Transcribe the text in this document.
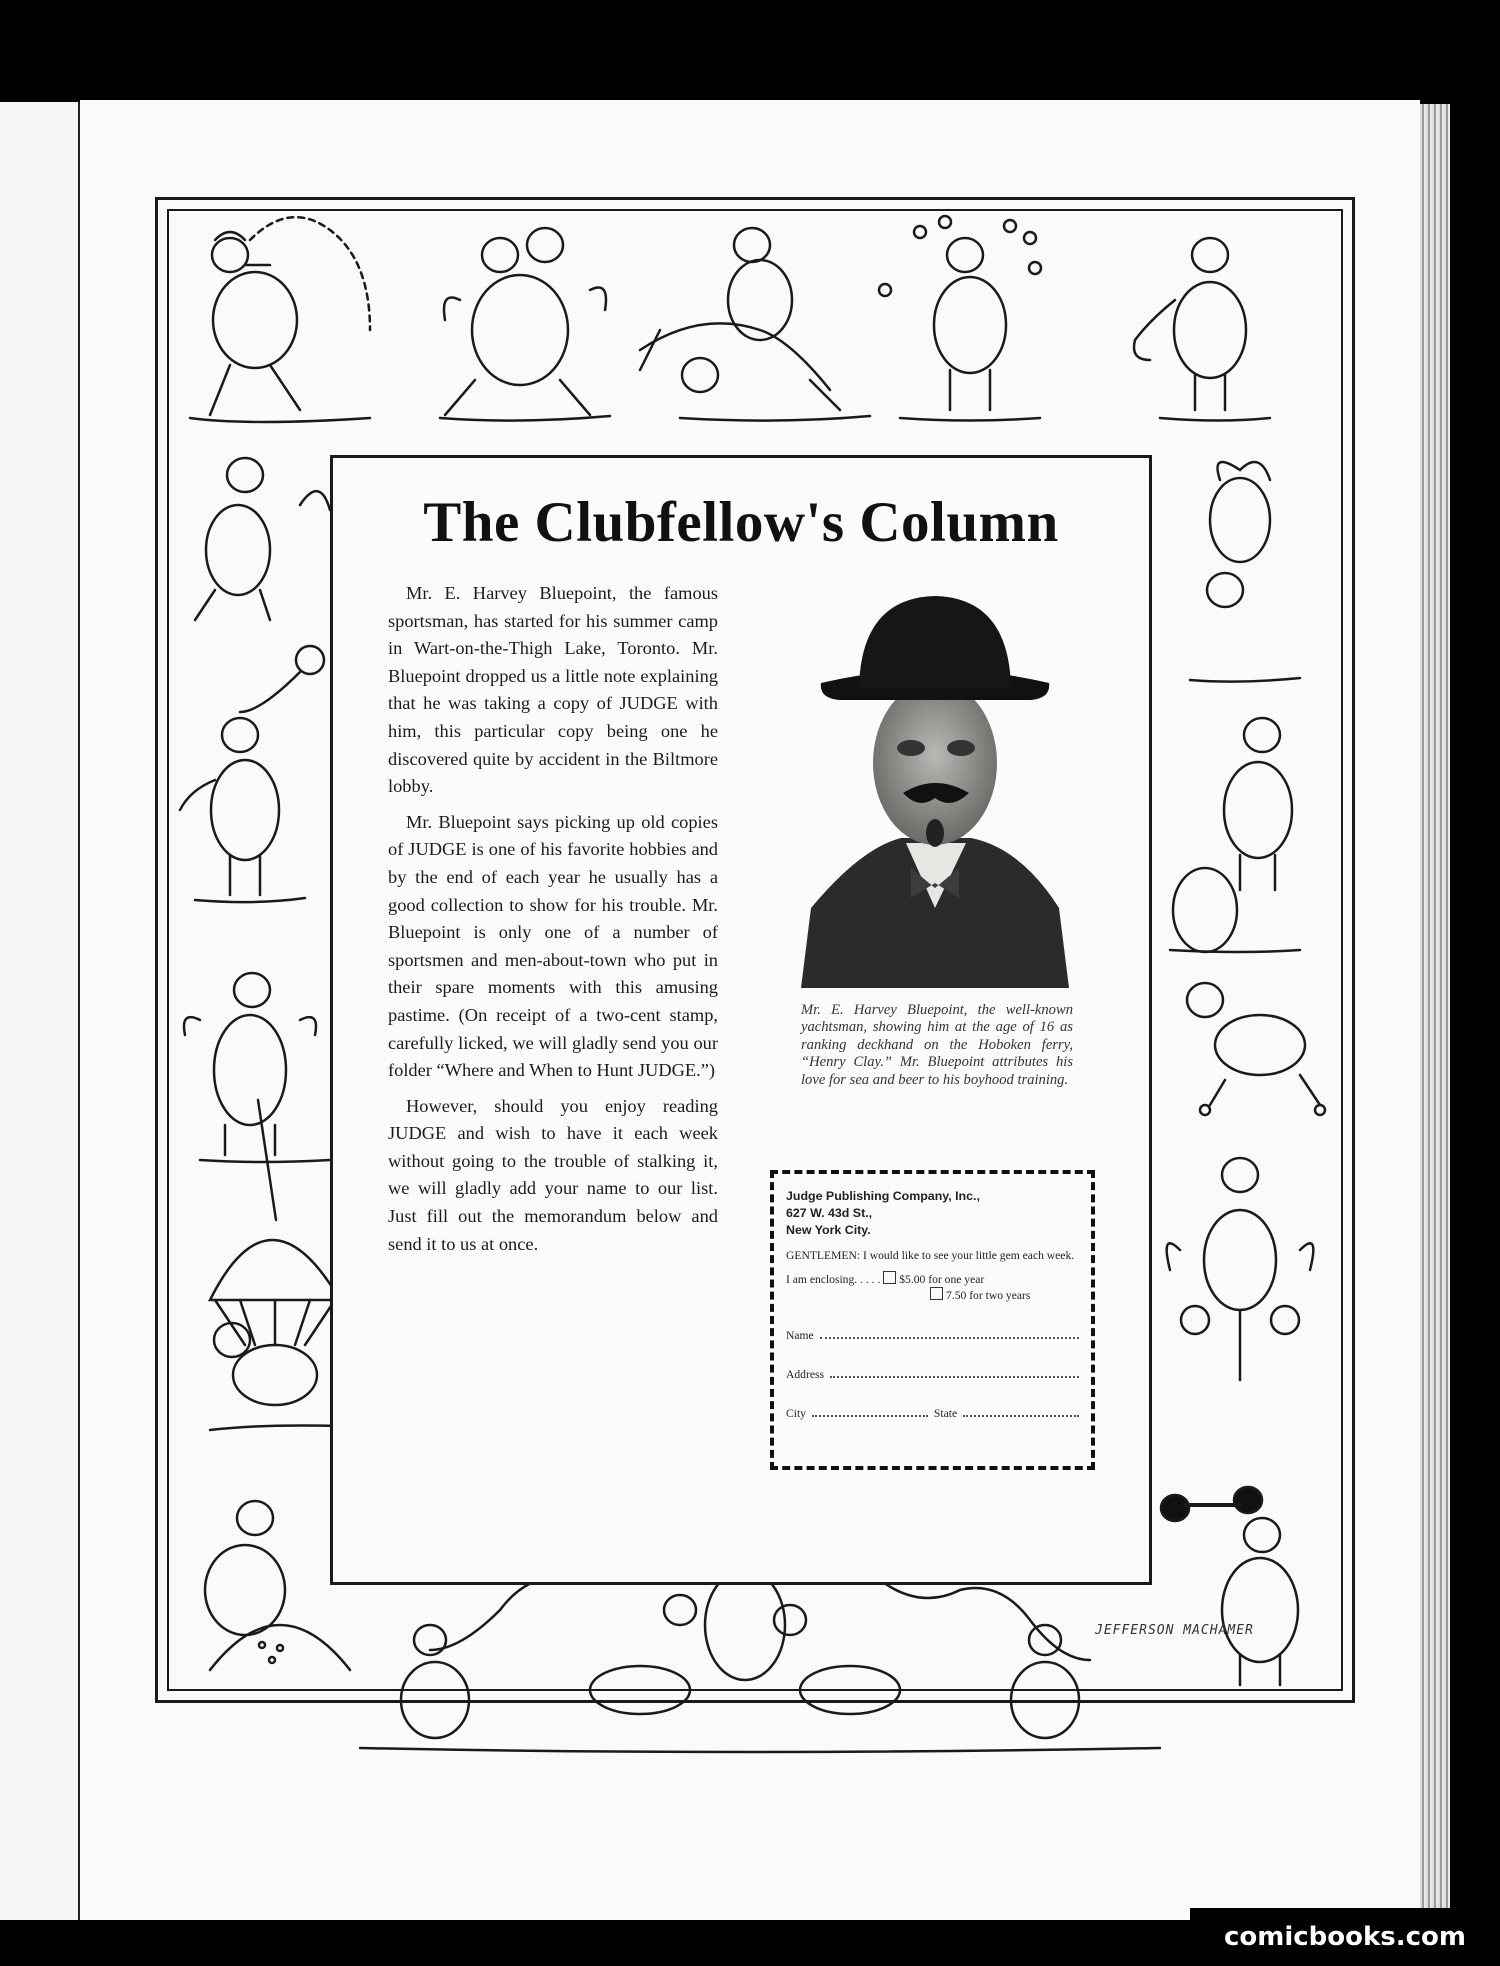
The Clubfellow's Column

Mr. E. Harvey Bluepoint, the famous sportsman, has started for his summer camp in Wart-on-the-Thigh Lake, Toronto. Mr. Bluepoint dropped us a little note explaining that he was taking a copy of JUDGE with him, this particular copy being one he discovered quite by accident in the Biltmore lobby.

Mr. Bluepoint says picking up old copies of JUDGE is one of his favorite hobbies and by the end of each year he usually has a good collection to show for his trouble. Mr. Bluepoint is only one of a number of sportsmen and men-about-town who put in their spare moments with this amusing pastime. (On receipt of a two-cent stamp, carefully licked, we will gladly send you our folder “Where and When to Hunt JUDGE.”)

However, should you enjoy reading JUDGE and wish to have it each week without going to the trouble of stalking it, we will gladly add your name to our list. Just fill out the memorandum below and send it to us at once.

Mr. E. Harvey Bluepoint, the well-known yachtsman, showing him at the age of 16 as ranking deckhand on the Hoboken ferry, “Henry Clay.” Mr. Bluepoint attributes his love for sea and beer to his boyhood training.
Judge Publishing Company, Inc.,
627 W. 43d St.,
New York City.
GENTLEMEN: I would like to see your little gem each week.
I am enclosing. . . . . $5.00 for one year
7.50 for two years
Name
Address
City	State
JEFFERSON MACHAMER
comicbooks.com
